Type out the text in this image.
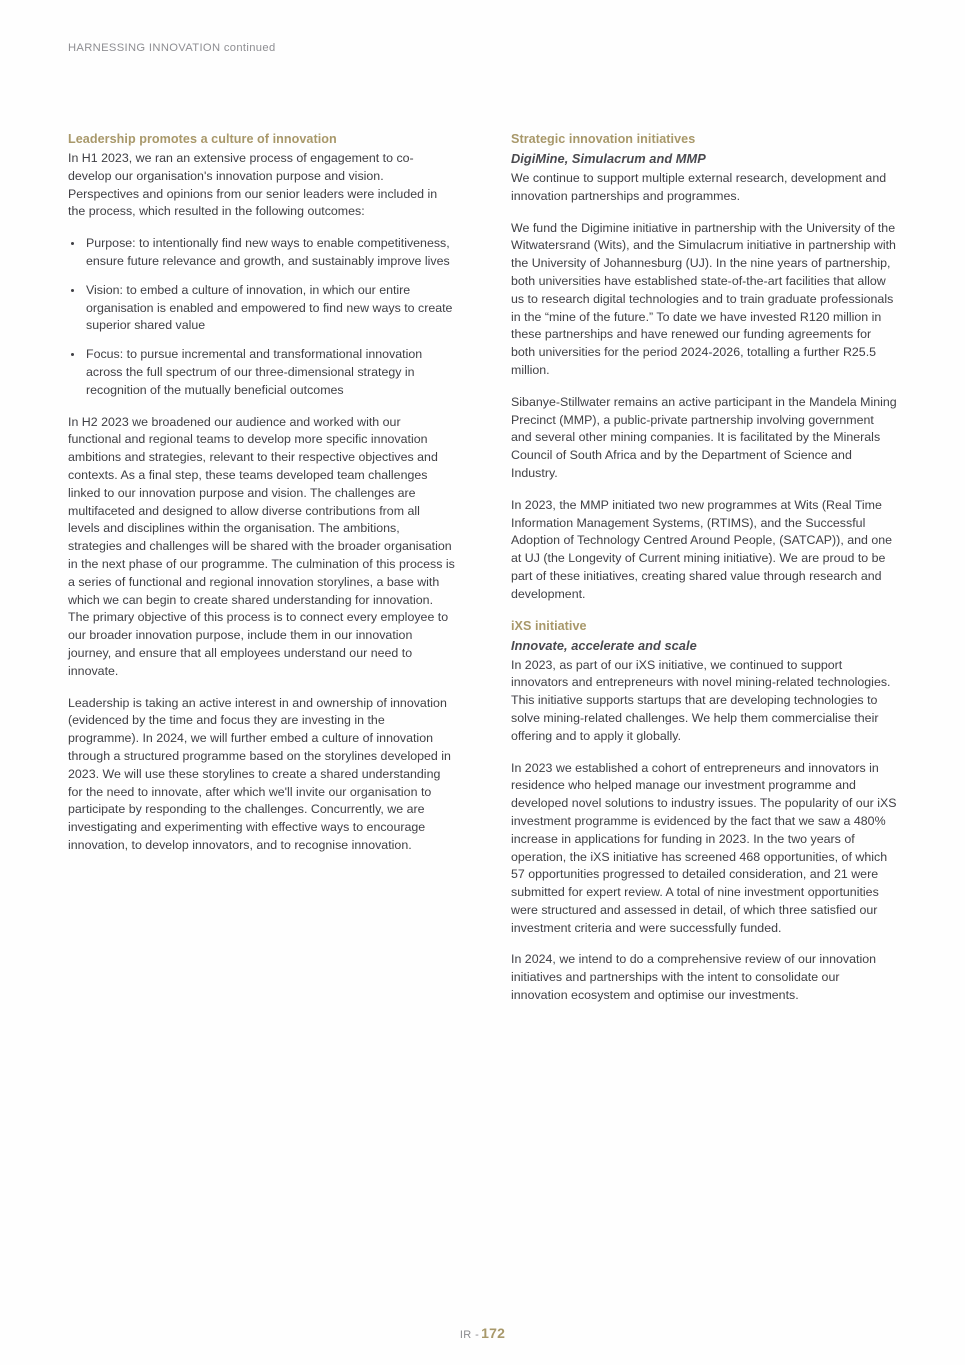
HARNESSING INNOVATION continued
Leadership promotes a culture of innovation

In H1 2023, we ran an extensive process of engagement to co-develop our organisation's innovation purpose and vision. Perspectives and opinions from our senior leaders were included in the process, which resulted in the following outcomes:

Purpose: to intentionally find new ways to enable competitiveness, ensure future relevance and growth, and sustainably improve lives
Vision: to embed a culture of innovation, in which our entire organisation is enabled and empowered to find new ways to create superior shared value
Focus: to pursue incremental and transformational innovation across the full spectrum of our three-dimensional strategy in recognition of the mutually beneficial outcomes

In H2 2023 we broadened our audience and worked with our functional and regional teams to develop more specific innovation ambitions and strategies, relevant to their respective objectives and contexts. As a final step, these teams developed team challenges linked to our innovation purpose and vision. The challenges are multifaceted and designed to allow diverse contributions from all levels and disciplines within the organisation. The ambitions, strategies and challenges will be shared with the broader organisation in the next phase of our programme. The culmination of this process is a series of functional and regional innovation storylines, a base with which we can begin to create shared understanding for innovation. The primary objective of this process is to connect every employee to our broader innovation purpose, include them in our innovation journey, and ensure that all employees understand our need to innovate.

Leadership is taking an active interest in and ownership of innovation (evidenced by the time and focus they are investing in the programme). In 2024, we will further embed a culture of innovation through a structured programme based on the storylines developed in 2023. We will use these storylines to create a shared understanding for the need to innovate, after which we'll invite our organisation to participate by responding to the challenges. Concurrently, we are investigating and experimenting with effective ways to encourage innovation, to develop innovators, and to recognise innovation.

Strategic innovation initiatives
DigiMine, Simulacrum and MMP

We continue to support multiple external research, development and innovation partnerships and programmes.

We fund the Digimine initiative in partnership with the University of the Witwatersrand (Wits), and the Simulacrum initiative in partnership with the University of Johannesburg (UJ). In the nine years of partnership, both universities have established state-of-the-art facilities that allow us to research digital technologies and to train graduate professionals in the “mine of the future.” To date we have invested R120 million in these partnerships and have renewed our funding agreements for both universities for the period 2024-2026, totalling a further R25.5 million.

Sibanye-Stillwater remains an active participant in the Mandela Mining Precinct (MMP), a public-private partnership involving government and several other mining companies. It is facilitated by the Minerals Council of South Africa and by the Department of Science and Industry.

In 2023, the MMP initiated two new programmes at Wits (Real Time Information Management Systems, (RTIMS), and the Successful Adoption of Technology Centred Around People, (SATCAP)), and one at UJ (the Longevity of Current mining initiative). We are proud to be part of these initiatives, creating shared value through research and development.

iXS initiative
Innovate, accelerate and scale

In 2023, as part of our iXS initiative, we continued to support innovators and entrepreneurs with novel mining-related technologies. This initiative supports startups that are developing technologies to solve mining-related challenges. We help them commercialise their offering and to apply it globally.

In 2023 we established a cohort of entrepreneurs and innovators in residence who helped manage our investment programme and developed novel solutions to industry issues. The popularity of our iXS investment programme is evidenced by the fact that we saw a 480% increase in applications for funding in 2023. In the two years of operation, the iXS initiative has screened 468 opportunities, of which 57 opportunities progressed to detailed consideration, and 21 were submitted for expert review. A total of nine investment opportunities were structured and assessed in detail, of which three satisfied our investment criteria and were successfully funded.

In 2024, we intend to do a comprehensive review of our innovation initiatives and partnerships with the intent to consolidate our innovation ecosystem and optimise our investments.

IR - 172
